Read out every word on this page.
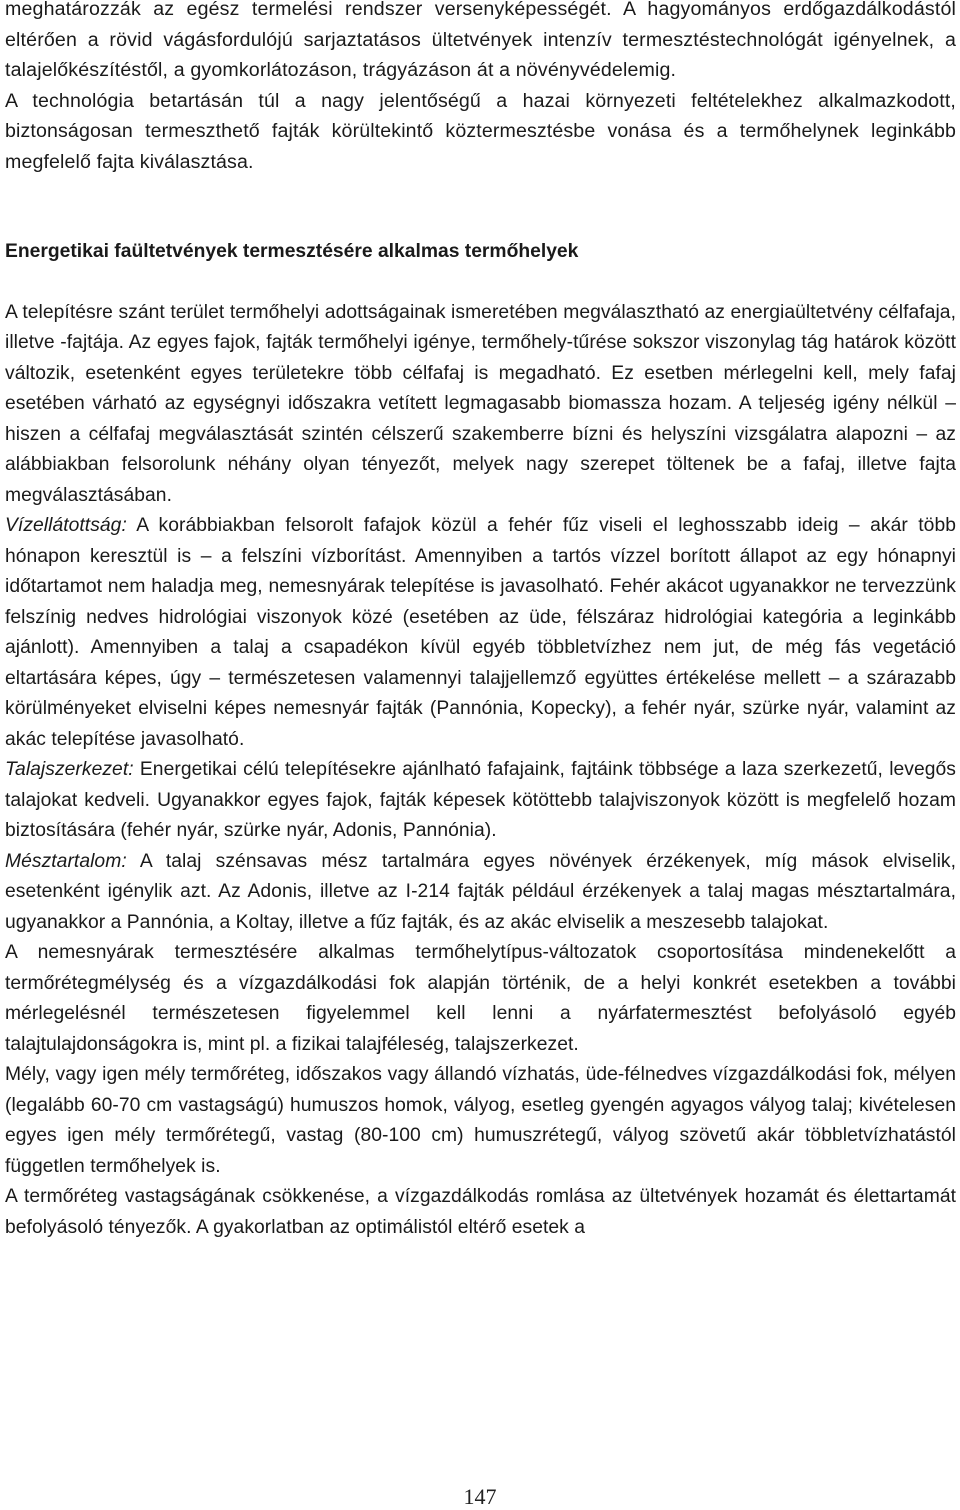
meghatározzák az egész termelési rendszer versenyképességét. A hagyományos erdőgazdálkodástól eltérően a rövid vágásfordulójú sarjaztatásos ültetvények intenzív termesztéstechnológát igényelnek, a talajelőkészítéstől, a gyomkorlátozáson, trágyázáson át a növényvédelemig.

A technológia betartásán túl a nagy jelentőségű a hazai környezeti feltételekhez alkalmazkodott, biztonságosan termeszthető fajták körültekintő köztermesztésbe vonása és a termőhelynek leginkább megfelelő fajta kiválasztása.

Energetikai faültetvények termesztésére alkalmas termőhelyek

A telepítésre szánt terület termőhelyi adottságainak ismeretében megválasztható az energiaültetvény célfafaja, illetve -fajtája. Az egyes fajok, fajták termőhelyi igénye, termőhely-tűrése sokszor viszonylag tág határok között változik, esetenként egyes területekre több célfafaj is megadható. Ez esetben mérlegelni kell, mely fafaj esetében várható az egységnyi időszakra vetített legmagasabb biomassza hozam. A teljeség igény nélkül – hiszen a célfafaj megválasztását szintén célszerű szakemberre bízni és helyszíni vizsgálatra alapozni – az alábbiakban felsorolunk néhány olyan tényezőt, melyek nagy szerepet töltenek be a fafaj, illetve fajta megválasztásában.

Vízellátottság: A korábbiakban felsorolt fafajok közül a fehér fűz viseli el leghosszabb ideig – akár több hónapon keresztül is – a felszíni vízborítást. Amennyiben a tartós vízzel borított állapot az egy hónapnyi időtartamot nem haladja meg, nemesnyárak telepítése is javasolható. Fehér akácot ugyanakkor ne tervezzünk felszínig nedves hidrológiai viszonyok közé (esetében az üde, félszáraz hidrológiai kategória a leginkább ajánlott). Amennyiben a talaj a csapadékon kívül egyéb többletvízhez nem jut, de még fás vegetáció eltartására képes, úgy – természetesen valamennyi talajjellemző együttes értékelése mellett – a szárazabb körülményeket elviselni képes nemesnyár fajták (Pannónia, Kopecky), a fehér nyár, szürke nyár, valamint az akác telepítése javasolható.

Talajszerkezet: Energetikai célú telepítésekre ajánlható fafajaink, fajtáink többsége a laza szerkezetű, levegős talajokat kedveli. Ugyanakkor egyes fajok, fajták képesek kötöttebb talajviszonyok között is megfelelő hozam biztosítására (fehér nyár, szürke nyár, Adonis, Pannónia).

Mésztartalom: A talaj szénsavas mész tartalmára egyes növények érzékenyek, míg mások elviselik, esetenként igénylik azt. Az Adonis, illetve az I-214 fajták például érzékenyek a talaj magas mésztartalmára, ugyanakkor a Pannónia, a Koltay, illetve a fűz fajták, és az akác elviselik a meszesebb talajokat.

A nemesnyárak termesztésére alkalmas termőhelytípus-változatok csoportosítása mindenekelőtt a termőrétegmélység és a vízgazdálkodási fok alapján történik, de a helyi konkrét esetekben a további mérlegelésnél természetesen figyelemmel kell lenni a nyárfatermesztést befolyásoló egyéb talajtulajdonságokra is, mint pl. a fizikai talajféleség, talajszerkezet.

Mély, vagy igen mély termőréteg, időszakos vagy állandó vízhatás, üde-félnedves vízgazdálkodási fok, mélyen (legalább 60-70 cm vastagságú) humuszos homok, vályog, esetleg gyengén agyagos vályog talaj; kivételesen egyes igen mély termőrétegű, vastag (80-100 cm) humuszrétegű, vályog szövetű akár többletvízhatástól független termőhelyek is.

A termőréteg vastagságának csökkenése, a vízgazdálkodás romlása az ültetvények hozamát és élettartamát befolyásoló tényezők. A gyakorlatban az optimálistól eltérő esetek a

147
